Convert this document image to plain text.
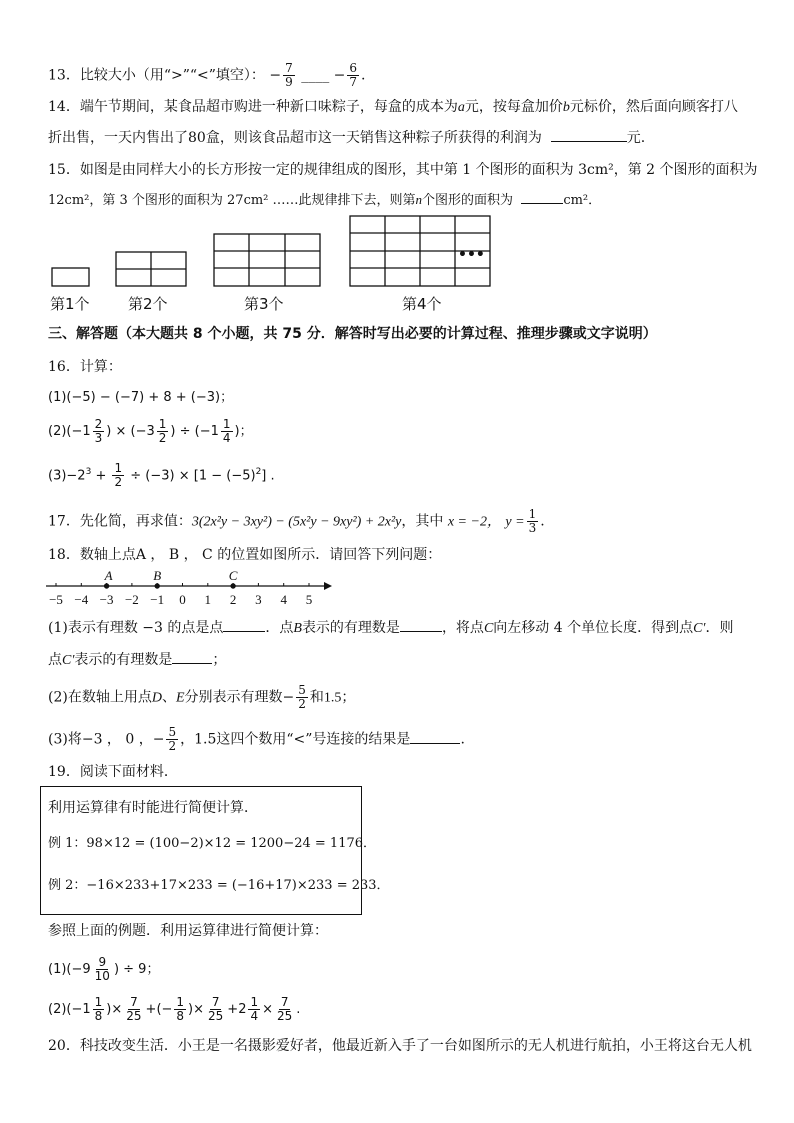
13．比较大小（用“>”“<”填空）： − $\frac{7}{9}$ ____ − $\frac{6}{7}$ .
14．端午节期间，某食品超市购进一种新口味粽子，每盒的成本为a元，按每盒加价b元标价，然后面向顾客打八
折出售，一天内售出了80盒，则该食品超市这一天销售这种粽子所获得的利润为	元.
15．如图是由同样大小的长方形按一定的规律组成的图形，其中第 1 个图形的面积为 3cm²，第 2 个图形的面积为
12cm²，第 3 个图形的面积为 27cm² ……此规律排下去，则第n个图形的面积为	cm²．
•••
第1个	第2个	第3个	第4个
三、解答题（本大题共 8 个小题，共 75 分．解答时写出必要的计算过程、推理步骤或文字说明）
16．计算：
(1)(−5) − (−7) + 8 + (−3)；
$(2)(-1 \frac{2}{3}$ ) × ($-3 \frac{1}{2}$ ) ÷ ($-1 \frac{1}{4}$ )；
$(3)-2^3 + \frac{1}{2} \div (-3) \times [1 - (-5)^2]$ .
17．先化简，再求值：3(2x²y − 3xy²) − (5x²y − 9xy²) + 2x²y，其中 x = −2， $y = \frac{1}{3}$ .
18．数轴上点A ， B ， C 的位置如图所示．请回答下列问题：
−5 −4 −3 −2 −1 0 1 2 3 4 5
A	B	C
(1)表示有理数 −3 的点是点	．点B表示的有理数是	，将点C向左移动 4 个单位长度．得到点C′．则
点C′表示的有理数是	；
(2)在数轴上用点D、E分别表示有理数− $\frac{5}{2}$ 和1.5；
(3)将−3 ， 0 ，− $\frac{5}{2}$ ，1.5这四个数用“<”号连接的结果是	.
19．阅读下面材料．
利用运算律有时能进行简便计算．
例 1：98×12 = (100−2)×12 = 1200−24 = 1176．
例 2：−16×233+17×233 = (−16+17)×233 = 233．
参照上面的例题．利用运算律进行简便计算：
$(1)(-9 \frac{9}{10}$ ) ÷ 9；
$(2)(-1 \frac{1}{8}$ )× $\frac{7}{25}$ +(− $\frac{1}{8}$ )× $\frac{7}{25} +2 \frac{1}{4} \times \frac{7}{25}$ .
20．科技改变生活．小王是一名摄影爱好者，他最近新入手了一台如图所示的无人机进行航拍，小王将这台无人机
